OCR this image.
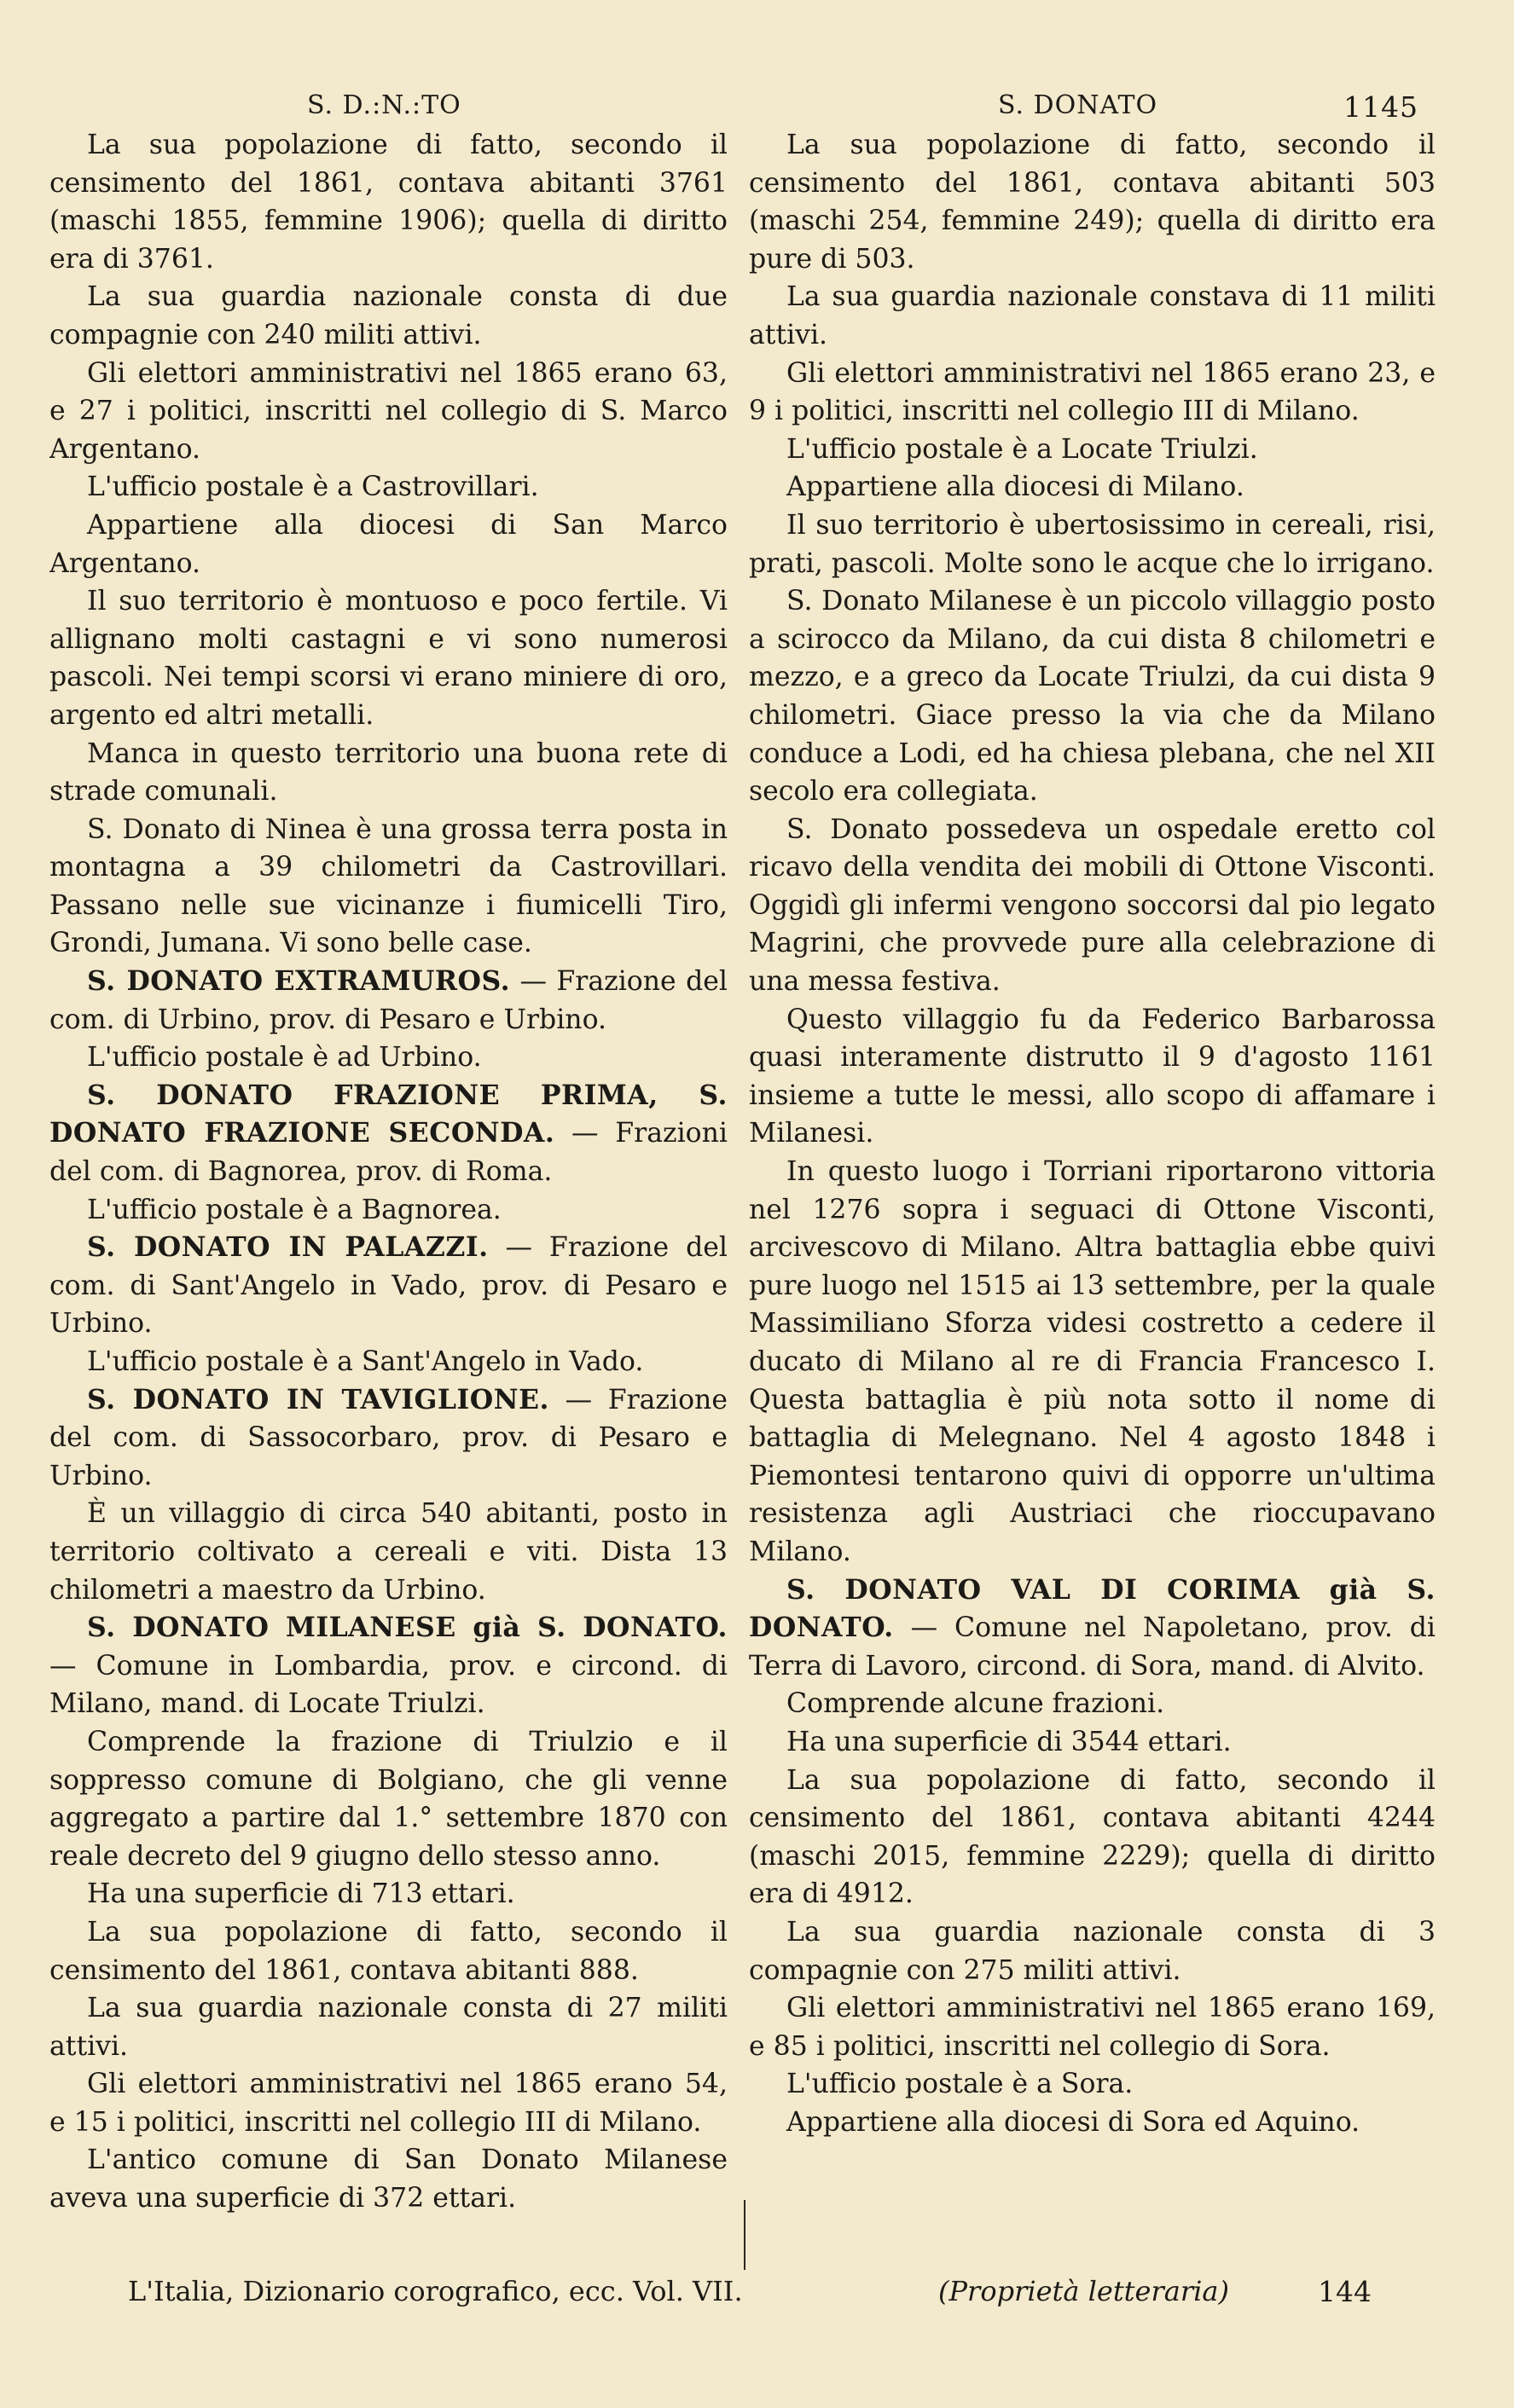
S. D.:N.:TO	S. DONATO	1145

La sua popolazione di fatto, secondo il censimento del 1861, contava abitanti 3761 (maschi 1855, femmine 1906); quella di diritto era di 3761.

La sua guardia nazionale consta di due compagnie con 240 militi attivi.

Gli elettori amministrativi nel 1865 erano 63, e 27 i politici, inscritti nel collegio di S. Marco Argentano.

L'ufficio postale è a Castrovillari.

Appartiene alla diocesi di San Marco Argentano.

Il suo territorio è montuoso e poco fertile. Vi allignano molti castagni e vi sono numerosi pascoli. Nei tempi scorsi vi erano miniere di oro, argento ed altri metalli.

Manca in questo territorio una buona rete di strade comunali.

S. Donato di Ninea è una grossa terra posta in montagna a 39 chilometri da Castrovillari. Passano nelle sue vicinanze i fiumicelli Tiro, Grondi, Jumana. Vi sono belle case.

S. DONATO EXTRAMUROS. — Frazione del com. di Urbino, prov. di Pesaro e Urbino.

L'ufficio postale è ad Urbino.

S. DONATO FRAZIONE PRIMA, S. DONATO FRAZIONE SECONDA. — Frazioni del com. di Bagnorea, prov. di Roma.

L'ufficio postale è a Bagnorea.

S. DONATO IN PALAZZI. — Frazione del com. di Sant'Angelo in Vado, prov. di Pesaro e Urbino.

L'ufficio postale è a Sant'Angelo in Vado.

S. DONATO IN TAVIGLIONE. — Frazione del com. di Sassocorbaro, prov. di Pesaro e Urbino.

È un villaggio di circa 540 abitanti, posto in territorio coltivato a cereali e viti. Dista 13 chilometri a maestro da Urbino.

S. DONATO MILANESE già S. DONATO. — Comune in Lombardia, prov. e circond. di Milano, mand. di Locate Triulzi.

Comprende la frazione di Triulzio e il soppresso comune di Bolgiano, che gli venne aggregato a partire dal 1.° settembre 1870 con reale decreto del 9 giugno dello stesso anno.

Ha una superficie di 713 ettari.

La sua popolazione di fatto, secondo il censimento del 1861, contava abitanti 888.

La sua guardia nazionale consta di 27 militi attivi.

Gli elettori amministrativi nel 1865 erano 54, e 15 i politici, inscritti nel collegio III di Milano.

L'antico comune di San Donato Milanese aveva una superficie di 372 ettari.

La sua popolazione di fatto, secondo il censimento del 1861, contava abitanti 503 (maschi 254, femmine 249); quella di diritto era pure di 503.

La sua guardia nazionale constava di 11 militi attivi.

Gli elettori amministrativi nel 1865 erano 23, e 9 i politici, inscritti nel collegio III di Milano.

L'ufficio postale è a Locate Triulzi.

Appartiene alla diocesi di Milano.

Il suo territorio è ubertosissimo in cereali, risi, prati, pascoli. Molte sono le acque che lo irrigano.

S. Donato Milanese è un piccolo villaggio posto a scirocco da Milano, da cui dista 8 chilometri e mezzo, e a greco da Locate Triulzi, da cui dista 9 chilometri. Giace presso la via che da Milano conduce a Lodi, ed ha chiesa plebana, che nel XII secolo era collegiata.

S. Donato possedeva un ospedale eretto col ricavo della vendita dei mobili di Ottone Visconti. Oggidì gli infermi vengono soccorsi dal pio legato Magrini, che provvede pure alla celebrazione di una messa festiva.

Questo villaggio fu da Federico Barbarossa quasi interamente distrutto il 9 d'agosto 1161 insieme a tutte le messi, allo scopo di affamare i Milanesi.

In questo luogo i Torriani riportarono vittoria nel 1276 sopra i seguaci di Ottone Visconti, arcivescovo di Milano. Altra battaglia ebbe quivi pure luogo nel 1515 ai 13 settembre, per la quale Massimiliano Sforza videsi costretto a cedere il ducato di Milano al re di Francia Francesco I. Questa battaglia è più nota sotto il nome di battaglia di Melegnano. Nel 4 agosto 1848 i Piemontesi tentarono quivi di opporre un'ultima resistenza agli Austriaci che rioccupavano Milano.

S. DONATO VAL DI CORIMA già S. DONATO. — Comune nel Napoletano, prov. di Terra di Lavoro, circond. di Sora, mand. di Alvito.

Comprende alcune frazioni.

Ha una superficie di 3544 ettari.

La sua popolazione di fatto, secondo il censimento del 1861, contava abitanti 4244 (maschi 2015, femmine 2229); quella di diritto era di 4912.

La sua guardia nazionale consta di 3 compagnie con 275 militi attivi.

Gli elettori amministrativi nel 1865 erano 169, e 85 i politici, inscritti nel collegio di Sora.

L'ufficio postale è a Sora.

Appartiene alla diocesi di Sora ed Aquino.

L'Italia, Dizionario corografico, ecc. Vol. VII.	(Proprietà letteraria)	144
